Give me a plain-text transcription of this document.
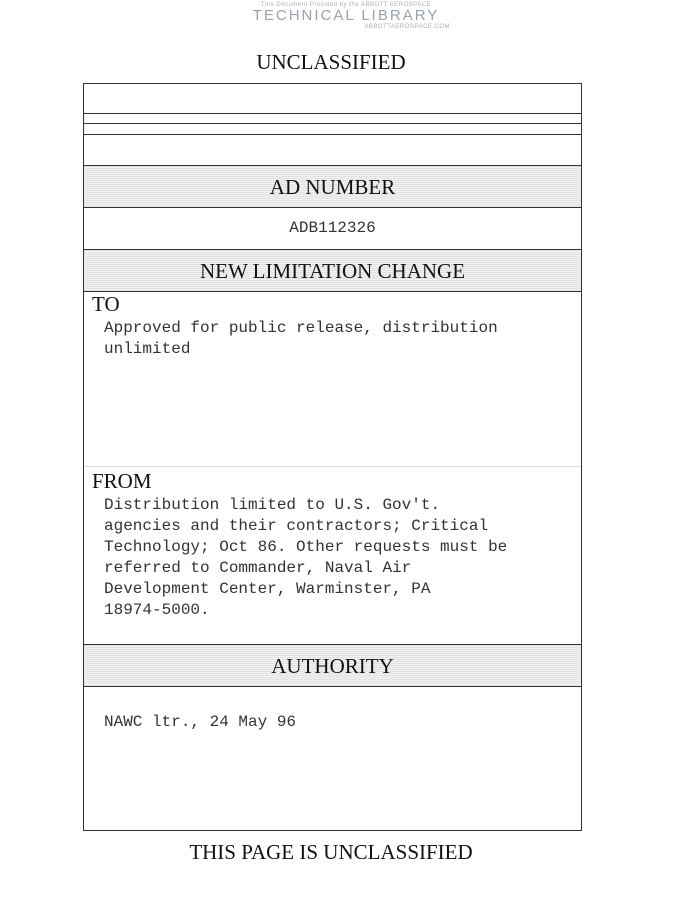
This Document Provided by the ABBOTT AEROSPACE
TECHNICAL LIBRARY
ABBOTTAEROSPACE.COM
UNCLASSIFIED
AD NUMBER
ADB112326
NEW LIMITATION CHANGE
TO
Approved for public release, distribution
unlimited
FROM
Distribution limited to U.S. Gov't.
agencies and their contractors; Critical
Technology; Oct 86. Other requests must be
referred to Commander, Naval Air
Development Center, Warminster, PA
18974-5000.
AUTHORITY
NAWC ltr., 24 May 96
THIS PAGE IS UNCLASSIFIED
